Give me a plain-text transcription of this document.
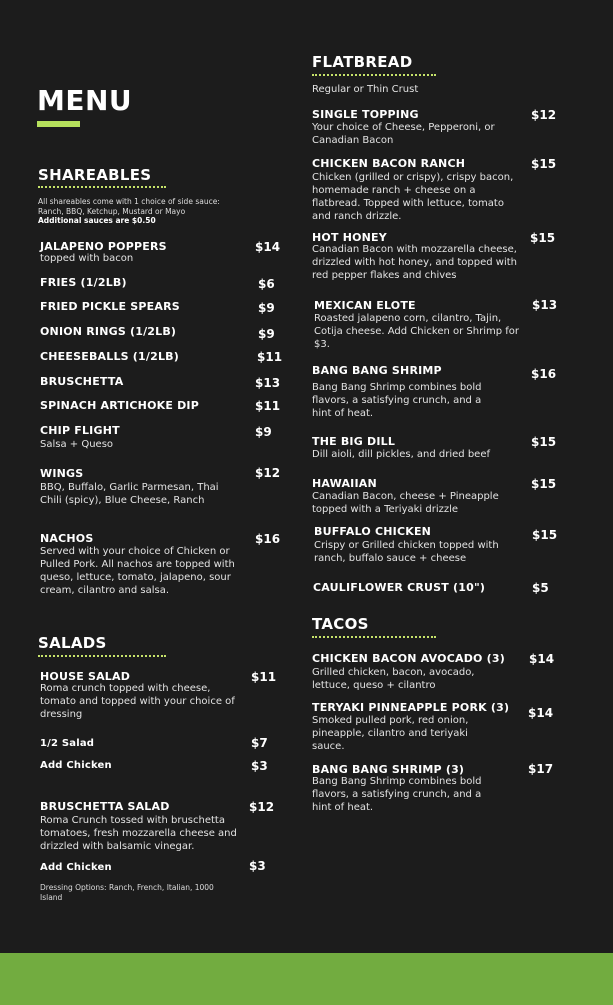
MENU
SHAREABLES
All shareables come with 1 choice of side sauce: Ranch, BBQ, Ketchup, Mustard or Mayo
Additional sauces are $0.50
JALAPENO POPPERS	$14
topped with bacon
FRIES (1/2LB)	$6
FRIED PICKLE SPEARS	$9
ONION RINGS (1/2LB)	$9
CHEESEBALLS (1/2LB)	$11
BRUSCHETTA	$13
SPINACH ARTICHOKE DIP	$11
CHIP FLIGHT	$9
Salsa + Queso
WINGS	$12
BBQ, Buffalo, Garlic Parmesan, Thai Chili (spicy), Blue Cheese, Ranch
NACHOS	$16
Served with your choice of Chicken or Pulled Pork. All nachos are topped with queso, lettuce, tomato, jalapeno, sour cream, cilantro and salsa.
SALADS
HOUSE SALAD	$11
Roma crunch topped with cheese, tomato and topped with your choice of dressing
1/2 Salad	$7
Add Chicken	$3
BRUSCHETTA SALAD	$12
Roma Crunch tossed with bruschetta tomatoes, fresh mozzarella cheese and drizzled with balsamic vinegar.
Add Chicken	$3
Dressing Options: Ranch, French, Italian, 1000 Island
FLATBREAD
Regular or Thin Crust
SINGLE TOPPING	$12
Your choice of Cheese, Pepperoni, or Canadian Bacon
CHICKEN BACON RANCH	$15
Chicken (grilled or crispy), crispy bacon, homemade ranch + cheese on a flatbread. Topped with lettuce, tomato and ranch drizzle.
HOT HONEY	$15
Canadian Bacon with mozzarella cheese, drizzled with hot honey, and topped with red pepper flakes and chives
MEXICAN ELOTE	$13
Roasted jalapeno corn, cilantro, Tajin, Cotija cheese. Add Chicken or Shrimp for $3.
BANG BANG SHRIMP	$16
Bang Bang Shrimp combines bold flavors, a satisfying crunch, and a hint of heat.
THE BIG DILL	$15
Dill aioli, dill pickles, and dried beef
HAWAIIAN	$15
Canadian Bacon, cheese + Pineapple topped with a Teriyaki drizzle
BUFFALO CHICKEN	$15
Crispy or Grilled chicken topped with ranch, buffalo sauce + cheese
CAULIFLOWER CRUST (10")	$5
TACOS
CHICKEN BACON AVOCADO (3) $14
Grilled chicken, bacon, avocado, lettuce, queso + cilantro
TERYAKI PINNEAPPLE PORK (3) $14
Smoked pulled pork, red onion, pineapple, cilantro and teriyaki sauce.
BANG BANG SHRIMP (3)	$17
Bang Bang Shrimp combines bold flavors, a satisfying crunch, and a hint of heat.
